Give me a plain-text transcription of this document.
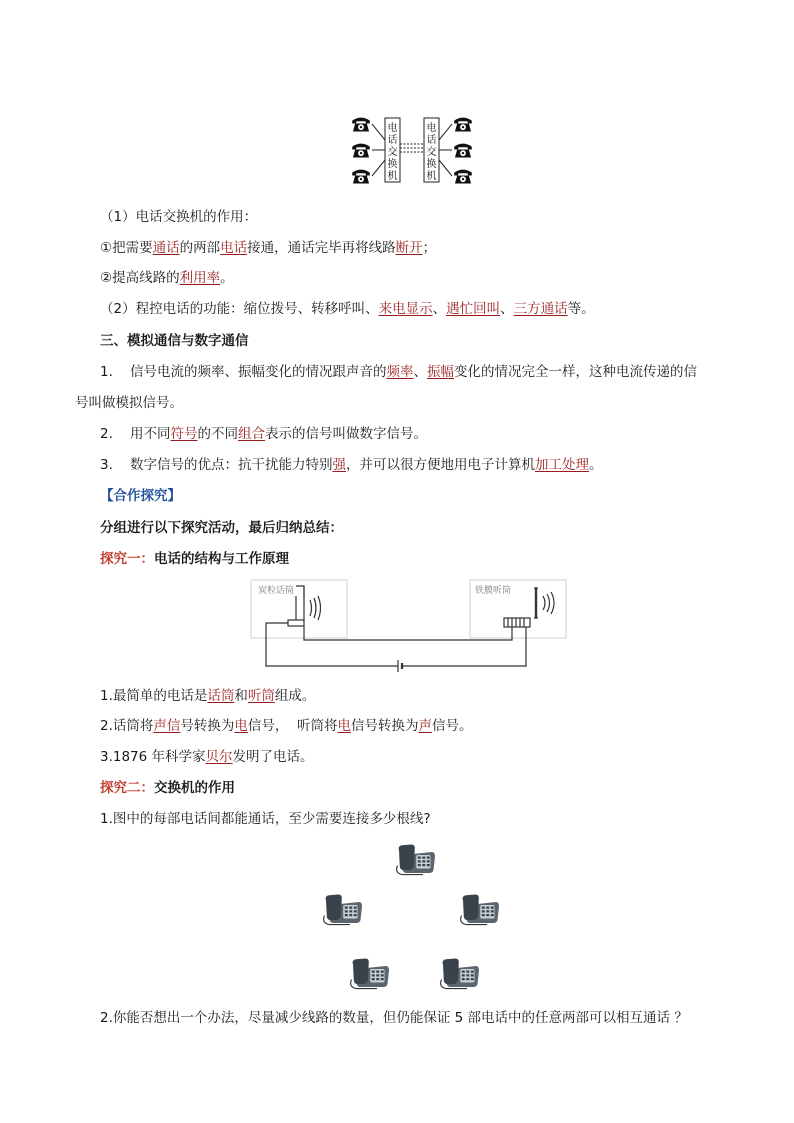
电
话
交
换
机
电
话
交
换
机
（1）电话交换机的作用：
①把需要通话的两部电话接通，通话完毕再将线路断开；
②提高线路的利用率。
（2）程控电话的功能：缩位拨号、转移呼叫、来电显示、遇忙回叫、三方通话等。
三、模拟通信与数字通信
1. 信号电流的频率、振幅变化的情况跟声音的频率、振幅变化的情况完全一样，这种电流传递的信
号叫做模拟信号。
2. 用不同符号的不同组合表示的信号叫做数字信号。
3. 数字信号的优点：抗干扰能力特别强，并可以很方便地用电子计算机加工处理。
【合作探究】
分组进行以下探究活动，最后归纳总结：
探究一：电话的结构与工作原理
炭粒话筒	铁膜听筒
1.最简单的电话是话筒和听筒组成。
2.话筒将声信号转换为电信号，  听筒将电信号转换为声信号。
3.1876 年科学家贝尔发明了电话。
探究二：交换机的作用
1.图中的每部电话间都能通话，至少需要连接多少根线?
2.你能否想出一个办法，尽量减少线路的数量，但仍能保证 5 部电话中的任意两部可以相互通话 ？
